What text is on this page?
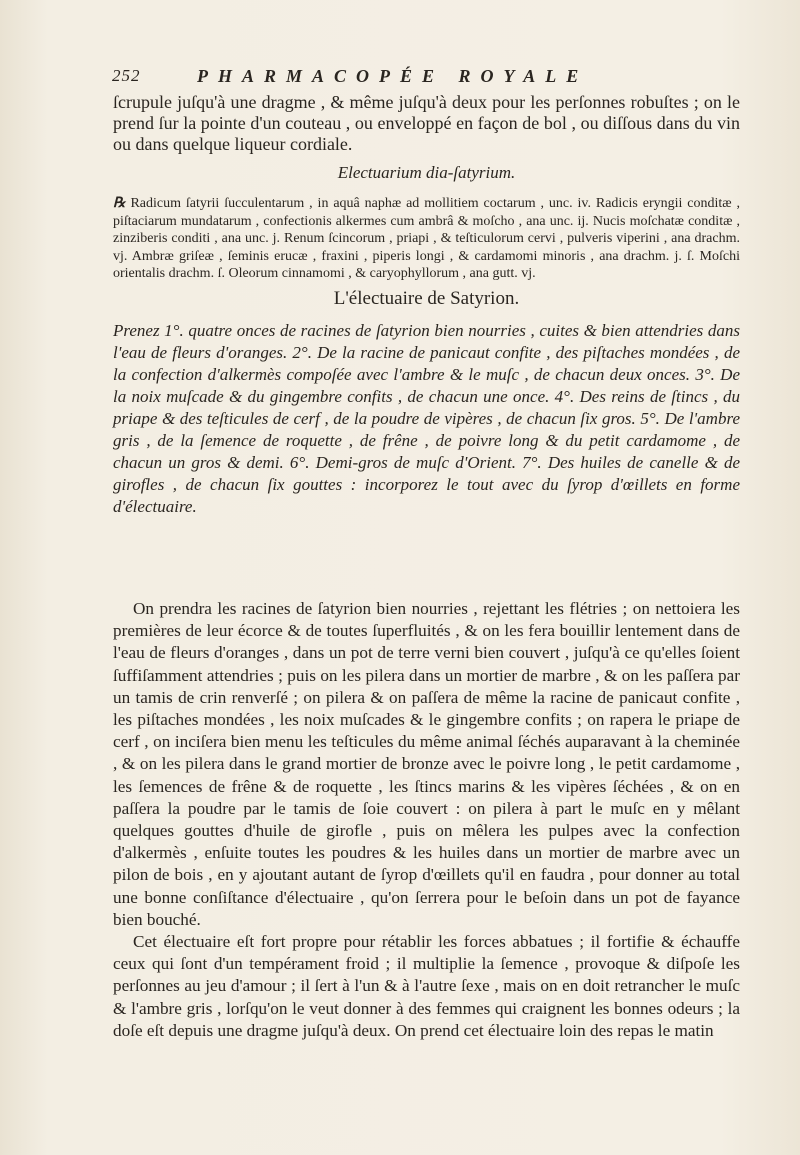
252	PHARMACOPÉE ROYALE
ſcrupule juſqu'à une dragme , & même juſqu'à deux pour les perſonnes robuſtes ; on le prend ſur la pointe d'un couteau , ou enveloppé en façon de bol , ou diſſous dans du vin ou dans quelque liqueur cordiale.
Electuarium dia-ſatyrium.
℞ Radicum ſatyrii ſucculentarum , in aquâ naphæ ad mollitiem coctarum , unc. iv. Radicis eryngii conditæ , piſtaciarum mundatarum , confectionis alkermes cum ambrâ & moſcho , ana unc. ij. Nucis moſchatæ conditæ , zinziberis conditi , ana unc. j. Renum ſcincorum , priapi , & teſticulorum cervi , pulveris viperini , ana drachm. vj. Ambræ griſeæ , ſeminis erucæ , fraxini , piperis longi , & cardamomi minoris , ana drachm. j. ſ. Moſchi orientalis drachm. ſ. Oleorum cinnamomi , & caryophyllorum , ana gutt. vj.
L'électuaire de Satyrion.
Prenez 1°. quatre onces de racines de ſatyrion bien nourries , cuites & bien attendries dans l'eau de fleurs d'oranges. 2°. De la racine de panicaut confite , des piſtaches mondées , de la confection d'alkermès compoſée avec l'ambre & le muſc , de chacun deux onces. 3°. De la noix muſcade & du gingembre confits , de chacun une once. 4°. Des reins de ſtincs , du priape & des teſticules de cerf , de la poudre de vipères , de chacun ſix gros. 5°. De l'ambre gris , de la ſemence de roquette , de frêne , de poivre long & du petit cardamome , de chacun un gros & demi. 6°. Demi-gros de muſc d'Orient. 7°. Des huiles de canelle & de girofles , de chacun ſix gouttes : incorporez le tout avec du ſyrop d'œillets en forme d'électuaire.

On prendra les racines de ſatyrion bien nourries , rejettant les flétries ; on nettoiera les premières de leur écorce & de toutes ſuperfluités , & on les fera bouillir lentement dans de l'eau de fleurs d'oranges , dans un pot de terre verni bien couvert , juſqu'à ce qu'elles ſoient ſuffiſamment attendries ; puis on les pilera dans un mortier de marbre , & on les paſſera par un tamis de crin renverſé ; on pilera & on paſſera de même la racine de panicaut confite , les piſtaches mondées , les noix muſcades & le gingembre confits ; on rapera le priape de cerf , on inciſera bien menu les teſticules du même animal ſéchés auparavant à la cheminée , & on les pilera dans le grand mortier de bronze avec le poivre long , le petit cardamome , les ſemences de frêne & de roquette , les ſtincs marins & les vipères ſéchées , & on en paſſera la poudre par le tamis de ſoie couvert : on pilera à part le muſc en y mêlant quelques gouttes d'huile de girofle , puis on mêlera les pulpes avec la confection d'alkermès , enſuite toutes les poudres & les huiles dans un mortier de marbre avec un pilon de bois , en y ajoutant autant de ſyrop d'œillets qu'il en faudra , pour donner au total une bonne conſiſtance d'électuaire , qu'on ſerrera pour le beſoin dans un pot de fayance bien bouché.

Cet électuaire eſt fort propre pour rétablir les forces abbatues ; il fortifie & échauffe ceux qui ſont d'un tempérament froid ; il multiplie la ſemence , provoque & diſpoſe les perſonnes au jeu d'amour ; il ſert à l'un & à l'autre ſexe , mais on en doit retrancher le muſc & l'ambre gris , lorſqu'on le veut donner à des femmes qui craignent les bonnes odeurs ; la doſe eſt depuis une dragme juſqu'à deux. On prend cet électuaire loin des repas le matin
